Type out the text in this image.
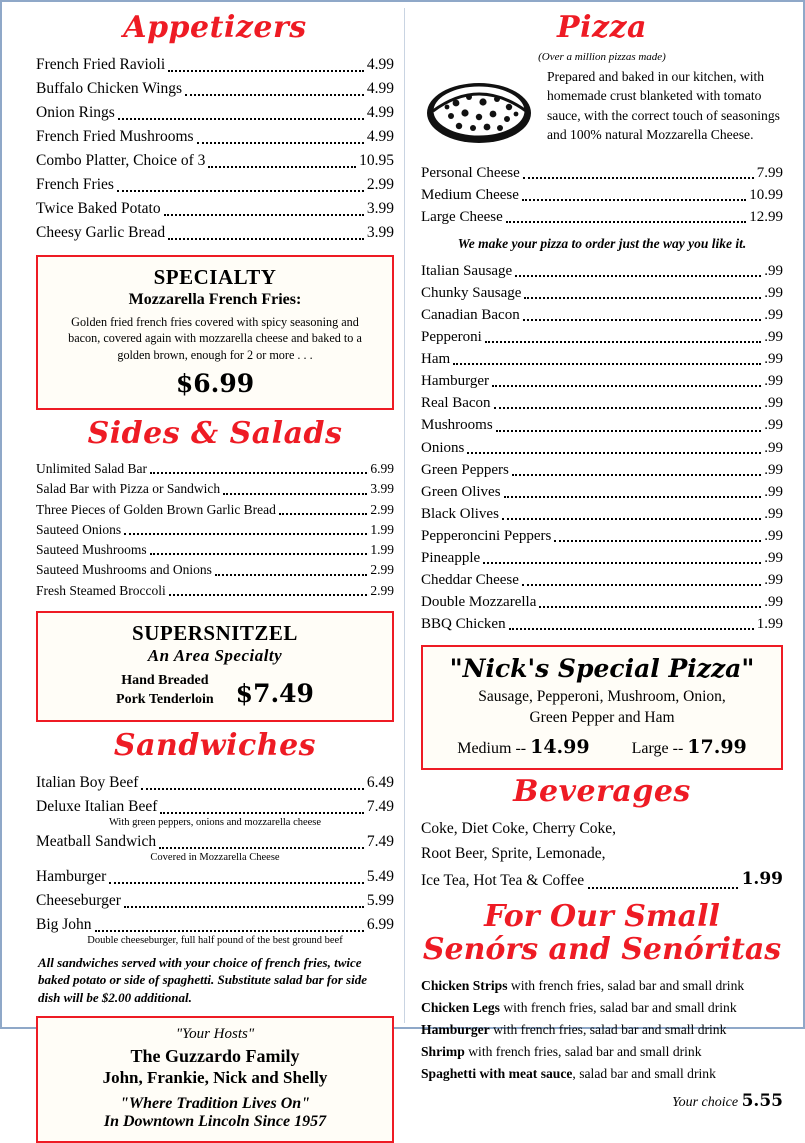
Appetizers
French Fried Ravioli	4.99
Buffalo Chicken Wings	4.99
Onion Rings	4.99
French Fried Mushrooms	4.99
Combo Platter, Choice of 3	10.95
French Fries	2.99
Twice Baked Potato	3.99
Cheesy Garlic Bread	3.99
SPECIALTY
Mozzarella French Fries:
Golden fried french fries covered with spicy seasoning and bacon, covered again with mozzarella cheese and baked to a golden brown, enough for 2 or more . . .
$6.99
Sides & Salads
Unlimited Salad Bar	6.99
Salad Bar with Pizza or Sandwich	3.99
Three Pieces of Golden Brown Garlic Bread	2.99
Sauteed Onions	1.99
Sauteed Mushrooms	1.99
Sauteed Mushrooms and Onions	2.99
Fresh Steamed Broccoli	2.99
SUPERSNITZEL
An Area Specialty
Hand Breaded
Pork Tenderloin $7.49
Sandwiches
Italian Boy Beef	6.49
Deluxe Italian Beef	7.49
With green peppers, onions and mozzarella cheese
Meatball Sandwich	7.49
Covered in Mozzarella Cheese
Hamburger	5.49
Cheeseburger	5.99
Big John	6.99
Double cheeseburger, full half pound of the best ground beef
All sandwiches served with your choice of french fries, twice baked potato or side of spaghetti. Substitute salad bar for side dish will be $2.00 additional.
"Your Hosts"
The Guzzardo Family
John, Frankie, Nick and Shelly
"Where Tradition Lives On"
In Downtown Lincoln Since 1957
Pizza
(Over a million pizzas made)
Prepared and baked in our kitchen, with homemade crust blanketed with tomato sauce, with the correct touch of seasonings and 100% natural Mozzarella Cheese.
Personal Cheese	7.99
Medium Cheese	10.99
Large Cheese	12.99
We make your pizza to order just the way you like it.
Italian Sausage	.99
Chunky Sausage	.99
Canadian Bacon	.99
Pepperoni	.99
Ham	.99
Hamburger	.99
Real Bacon	.99
Mushrooms	.99
Onions	.99
Green Peppers	.99
Green Olives	.99
Black Olives	.99
Pepperoncini Peppers	.99
Pineapple	.99
Cheddar Cheese	.99
Double Mozzarella	.99
BBQ Chicken	1.99
"Nick's Special Pizza"
Sausage, Pepperoni, Mushroom, Onion,
Green Pepper and Ham
Medium -- 14.99	Large -- 17.99
Beverages
Coke, Diet Coke, Cherry Coke,
Root Beer, Sprite, Lemonade,
Ice Tea, Hot Tea & Coffee	1.99
For Our Small
Senórs and Senóritas
Chicken Strips with french fries, salad bar and small drink
Chicken Legs with french fries, salad bar and small drink
Hamburger with french fries, salad bar and small drink
Shrimp with french fries, salad bar and small drink
Spaghetti with meat sauce, salad bar and small drink
Your choice 5.55
